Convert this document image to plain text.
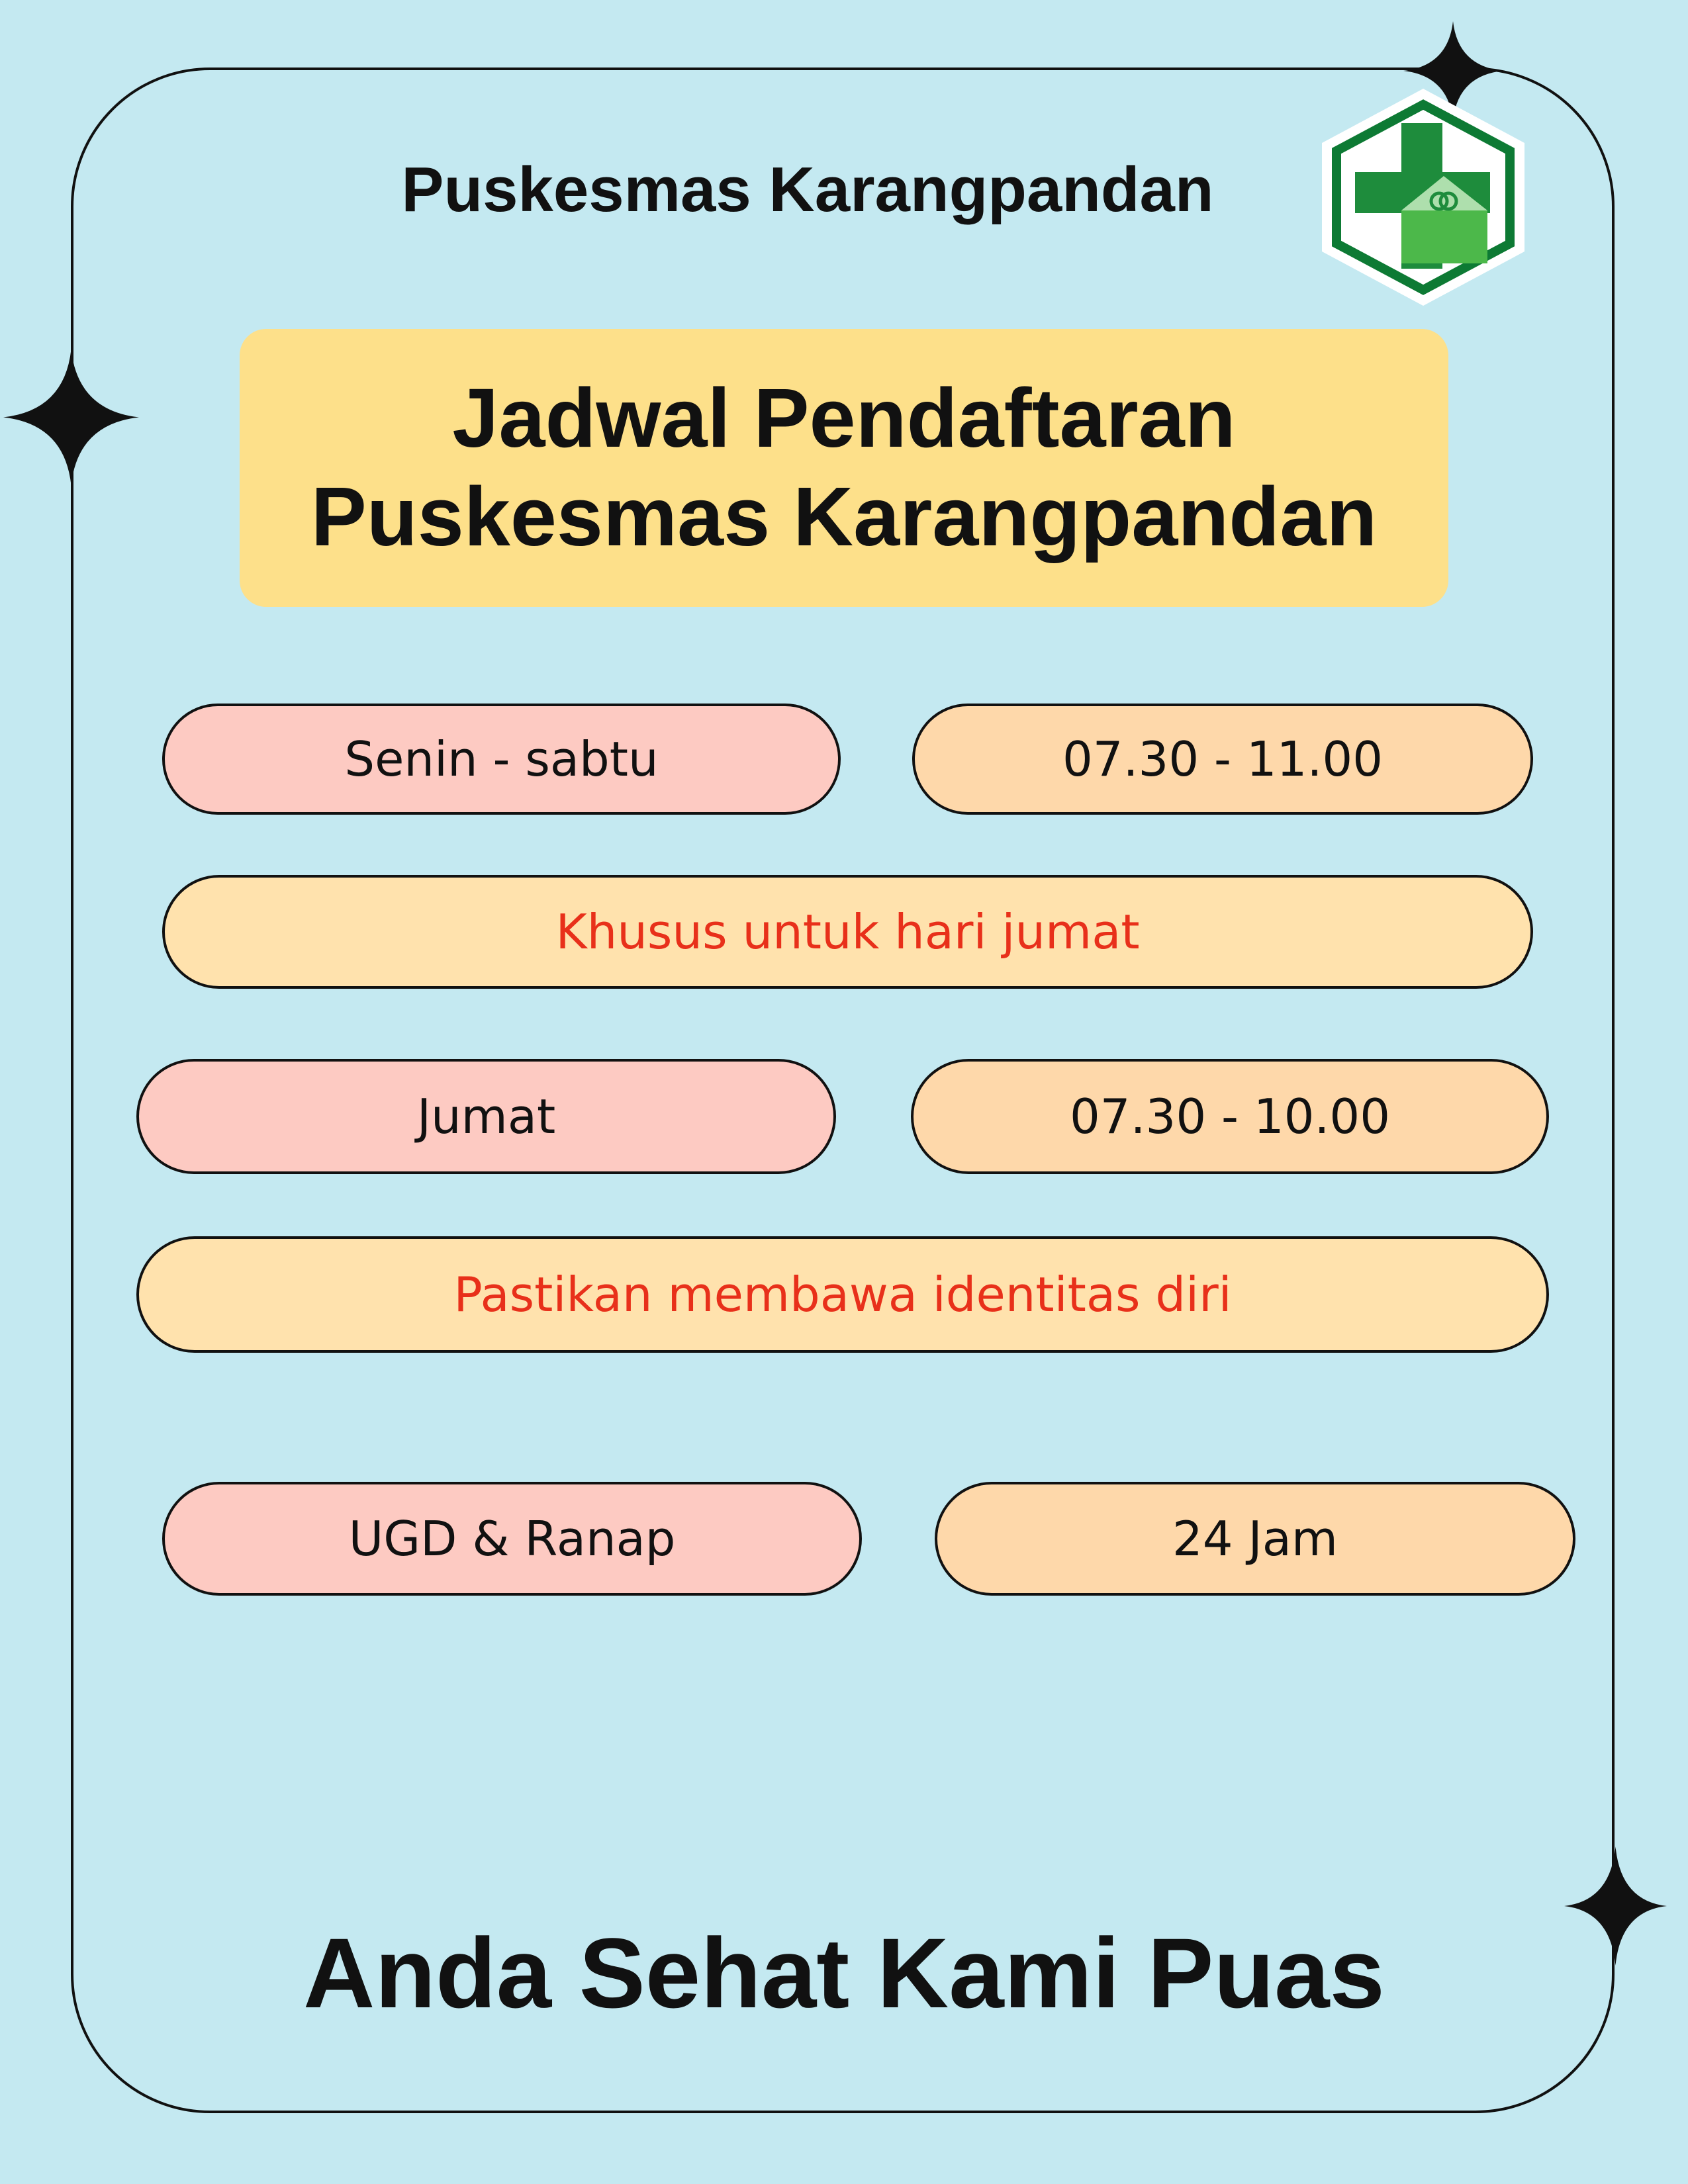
Puskesmas Karangpandan
Jadwal Pendaftaran
Puskesmas Karangpandan
Senin - sabtu	07.30 - 11.00
Khusus untuk hari jumat
Jumat	07.30 - 10.00
Pastikan membawa identitas diri
UGD & Ranap	24 Jam
Anda Sehat Kami Puas
